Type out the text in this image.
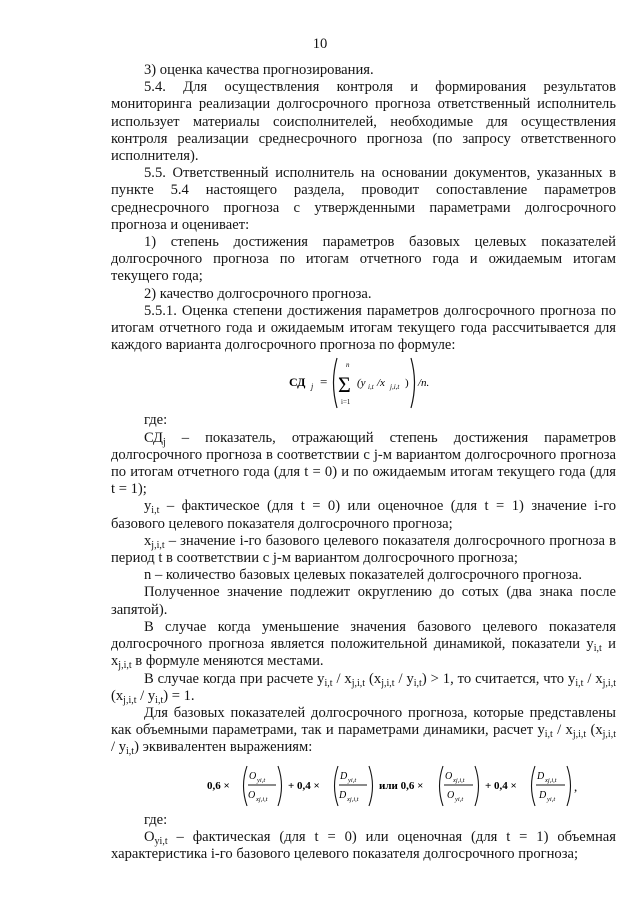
10

3) оценка качества прогнозирования.

5.4. Для осуществления контроля и формирования результатов мониторинга реализации долгосрочного прогноза ответственный исполнитель использует материалы соисполнителей, необходимые для осуществления контроля реализации среднесрочного прогноза (по запросу ответственного исполнителя).

5.5. Ответственный исполнитель на основании документов, указанных в пункте 5.4 настоящего раздела, проводит сопоставление параметров среднесрочного прогноза с утвержденными параметрами долгосрочного прогноза и оценивает:

1) степень достижения параметров базовых целевых показателей долгосрочного прогноза по итогам отчетного года и ожидаемым итогам текущего года;

2) качество долгосрочного прогноза.

5.5.1. Оценка степени достижения параметров долгосрочного прогноза по итогам отчетного года и ожидаемым итогам текущего года рассчитывается для каждого варианта долгосрочного прогноза по формуле:

СД j =
n
Σ
i=1
(y i,t /x j,i,t ) /n.

где:

$СД_j$ – показатель, отражающий степень достижения параметров долгосрочного прогноза в соответствии с j-м вариантом долгосрочного прогноза по итогам отчетного года (для t = 0) и по ожидаемым итогам текущего года (для t = 1);

$y_{i,t}$ – фактическое (для t = 0) или оценочное (для t = 1) значение i-го базового целевого показателя долгосрочного прогноза;

$x_{j,i,t}$ – значение i-го базового целевого показателя долгосрочного прогноза в период t в соответствии с j-м вариантом долгосрочного прогноза;

n – количество базовых целевых показателей долгосрочного прогноза.

Полученное значение подлежит округлению до сотых (два знака после запятой).

В случае когда уменьшение значения базового целевого показателя долгосрочного прогноза является положительной динамикой, показатели $y_{i,t}$ и $x_{j,i,t}$ в формуле меняются местами.

В случае когда при расчете $y_{i,t} / x_{j,i,t}$ $(x_{j,i,t} / y_{i,t}) > 1$, то считается, что $y_{i,t} / x_{j,i,t}$ $(x_{j,i,t} / y_{i,t}) = 1$.

Для базовых показателей долгосрочного прогноза, которые представлены как объемными параметрами, так и параметрами динамики, расчет $y_{i,t} / x_{j,i,t}$ $(x_{j,i,t} / y_{i,t})$ эквивалентен выражениям:

0,6 ×
O yi,t
O xj,i,t
+ 0,4 ×
D yi,t
D xj,i,t
или 0,6 ×
O xj,i,t
O yi,t
+ 0,4 ×
D xj,i,t
D yi,t
,

где:

$O_{yi,t}$ – фактическая (для t = 0) или оценочная (для t = 1) объемная характеристика i-го базового целевого показателя долгосрочного прогноза;
